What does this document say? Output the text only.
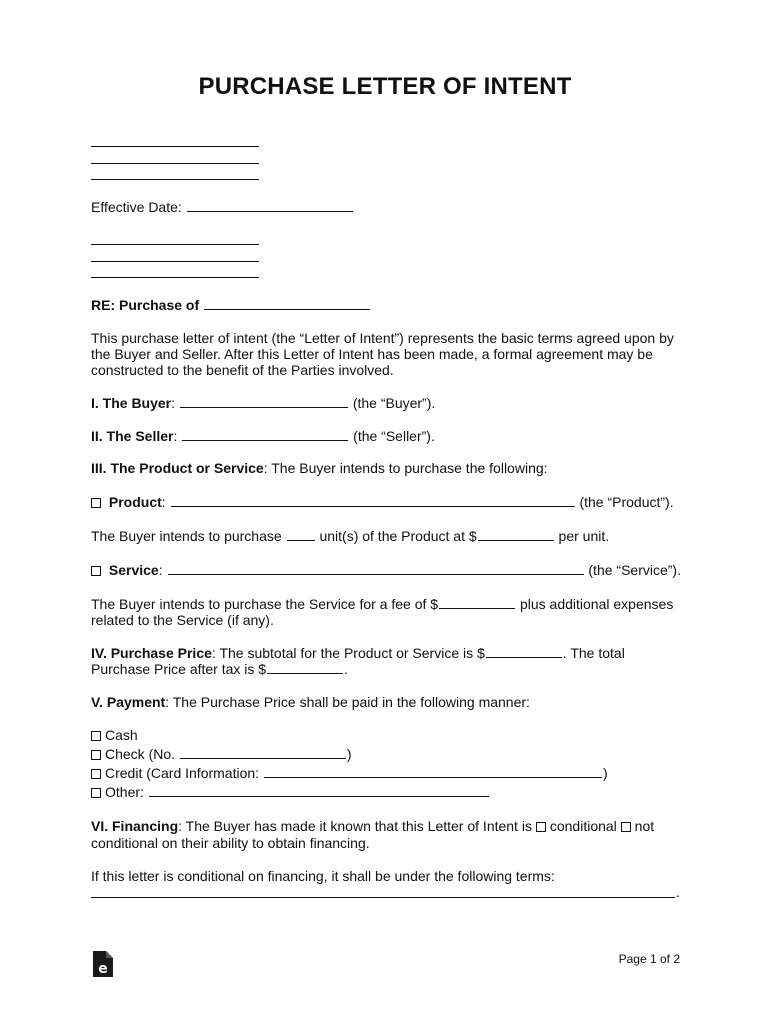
PURCHASE LETTER OF INTENT
Effective Date:
RE: Purchase of
This purchase letter of intent (the “Letter of Intent”) represents the basic terms agreed upon by the Buyer and Seller. After this Letter of Intent has been made, a formal agreement may be constructed to the benefit of the Parties involved.
I. The Buyer:	(the “Buyer”).
II. The Seller:	(the “Seller”).
III. The Product or Service: The Buyer intends to purchase the following:
Product:	(the “Product”).
The Buyer intends to purchase	unit(s) of the Product at $	per unit.
Service:	(the “Service”).
The Buyer intends to purchase the Service for a fee of $	plus additional expenses
related to the Service (if any).
IV. Purchase Price: The subtotal for the Product or Service is $	. The total
Purchase Price after tax is $	.
V. Payment: The Purchase Price shall be paid in the following manner:
Cash
Check (No.	)
Credit (Card Information:	)
Other:
VI. Financing: The Buyer has made it known that this Letter of Intent is conditional not
conditional on their ability to obtain financing.
If this letter is conditional on financing, it shall be under the following terms:
.
e
Page 1 of 2
